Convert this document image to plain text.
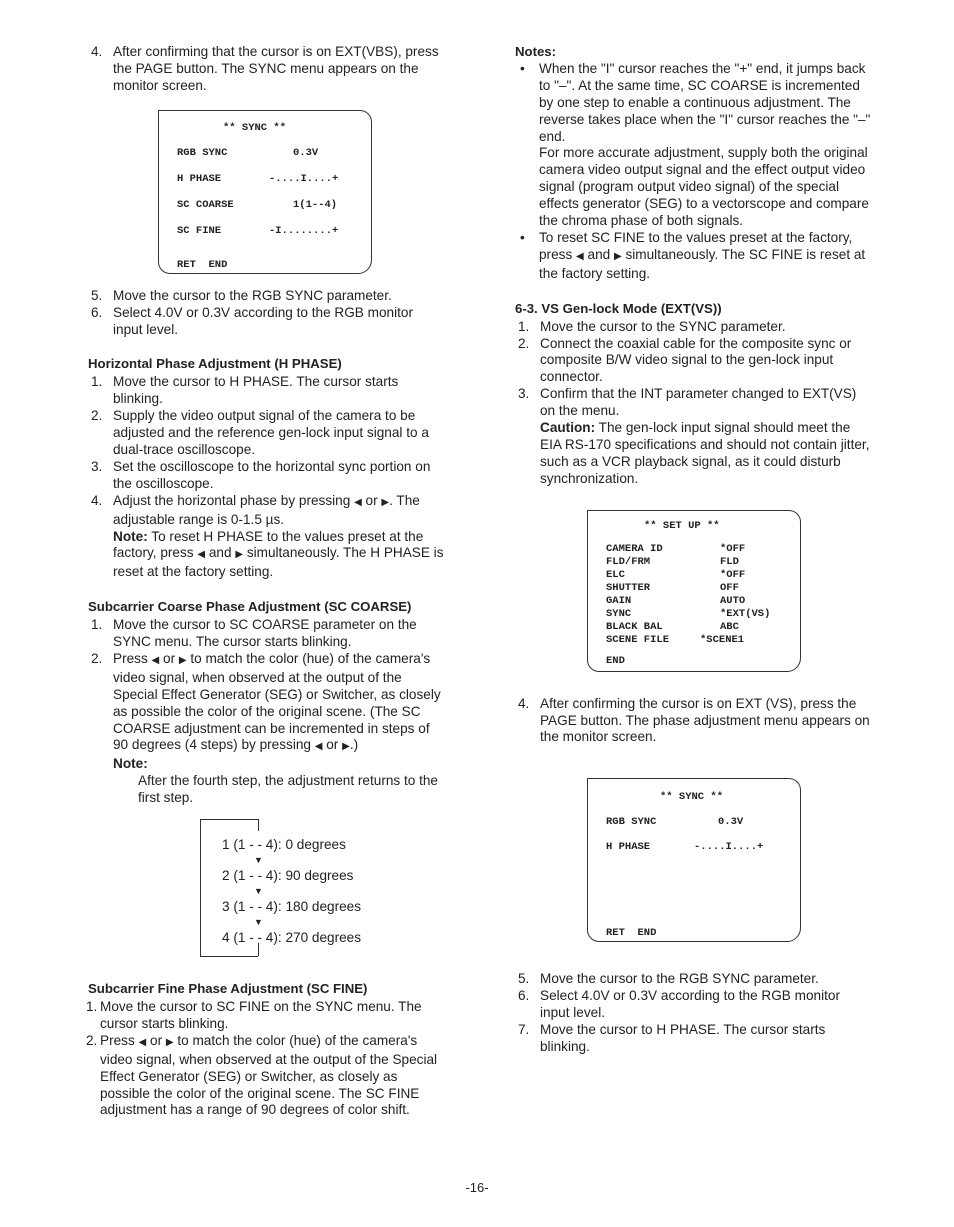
4. After confirming that the cursor is on EXT(VBS), press the PAGE button. The SYNC menu appears on the monitor screen.
** SYNC **
RGB SYNC	0.3V
H PHASE	-....I....+
SC COARSE	1(1--4)
SC FINE	-I........+
RET  END
5. Move the cursor to the RGB SYNC parameter.
6. Select 4.0V or 0.3V according to the RGB monitor input level.
Horizontal Phase Adjustment (H PHASE)
1. Move the cursor to H PHASE. The cursor starts blinking.
2. Supply the video output signal of the camera to be adjusted and the reference gen-lock input signal to a dual-trace oscilloscope.
3. Set the oscilloscope to the horizontal sync portion on the oscilloscope.
4. Adjust the horizontal phase by pressing ◀ or ▶. The adjustable range is 0-1.5 µs.
Note: To reset H PHASE to the values preset at the factory, press ◀ and ▶ simultaneously. The H PHASE is reset at the factory setting.
Subcarrier Coarse Phase Adjustment (SC COARSE)
1. Move the cursor to SC COARSE parameter on the SYNC menu. The cursor starts blinking.
2. Press ◀ or ▶ to match the color (hue) of the camera's video signal, when observed at the output of the Special Effect Generator (SEG) or Switcher, as closely as possible the color of the original scene. (The SC COARSE adjustment can be incremented in steps of 90 degrees (4 steps) by pressing ◀ or ▶.)
Note:
After the fourth step, the adjustment returns to the first step.
1 (1 - - 4): 0 degrees
▼
2 (1 - - 4): 90 degrees
▼
3 (1 - - 4): 180 degrees
▼
4 (1 - - 4): 270 degrees
Subcarrier Fine Phase Adjustment (SC FINE)
1. Move the cursor to SC FINE on the SYNC menu. The cursor starts blinking.
2. Press ◀ or ▶ to match the color (hue) of the camera's video signal, when observed at the output of the Special Effect Generator (SEG) or Switcher, as closely as possible the color of the original scene. The SC FINE adjustment has a range of 90 degrees of color shift.
Notes:
• When the "I" cursor reaches the "+" end, it jumps back to "–". At the same time, SC COARSE is incremented by one step to enable a continuous adjustment. The reverse takes place when the "I" cursor reaches the "–" end.
For more accurate adjustment, supply both the original camera video output signal and the effect output video signal (program output video signal) of the special effects generator (SEG) to a vectorscope and compare the chroma phase of both signals.
• To reset SC FINE to the values preset at the factory, press ◀ and ▶ simultaneously. The SC FINE is reset at the factory setting.
6-3. VS Gen-lock Mode (EXT(VS))
1. Move the cursor to the SYNC parameter.
2. Connect the coaxial cable for the composite sync or composite B/W video signal to the gen-lock input connector.
3. Confirm that the INT parameter changed to EXT(VS) on the menu.
Caution: The gen-lock input signal should meet the EIA RS-170 specifications and should not contain jitter, such as a VCR playback signal, as it could disturb synchronization.
** SET UP **
CAMERA ID	*OFF
FLD/FRM	FLD
ELC	*OFF
SHUTTER	OFF
GAIN	AUTO
SYNC	*EXT(VS)
BLACK BAL	ABC
SCENE FILE	*SCENE1
END
4. After confirming the cursor is on EXT (VS), press the PAGE button. The phase adjustment menu appears on the monitor screen.
** SYNC **
RGB SYNC	0.3V
H PHASE	-....I....+
RET  END
5. Move the cursor to the RGB SYNC parameter.
6. Select 4.0V or 0.3V according to the RGB monitor input level.
7. Move the cursor to H PHASE. The cursor starts blinking.
-16-
